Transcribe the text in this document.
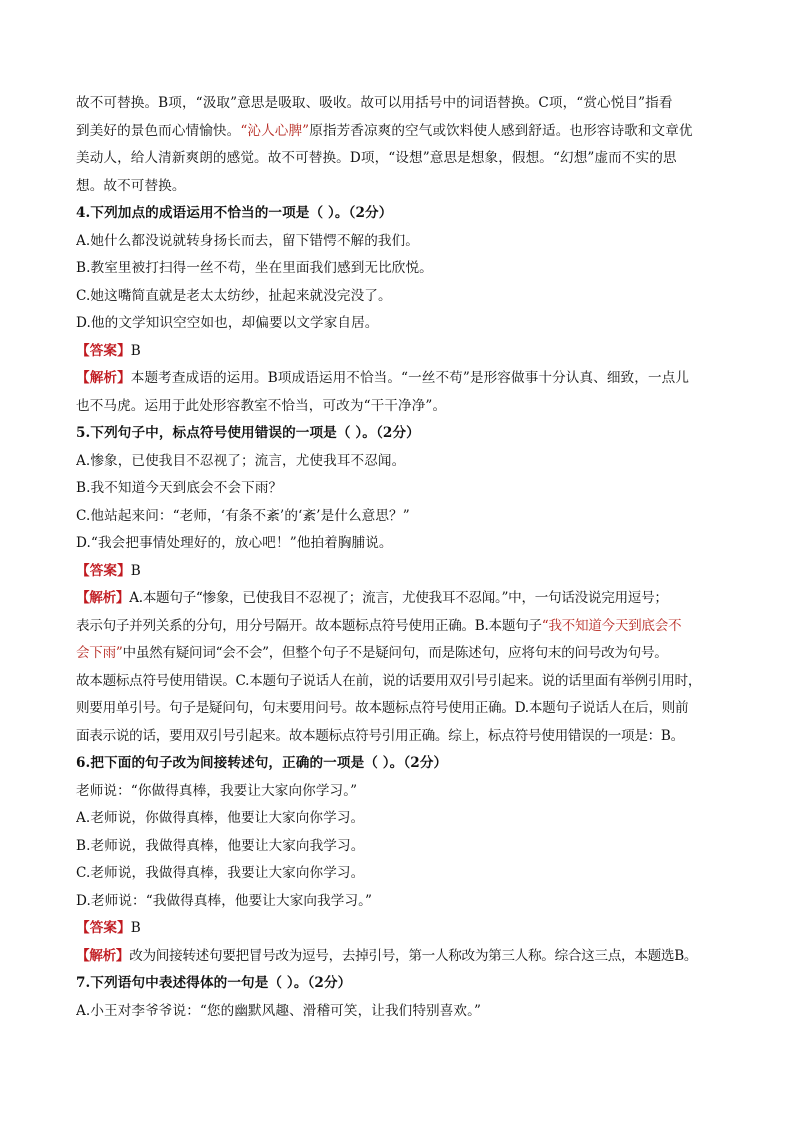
故不可替换。B项，“汲取”意思是吸取、吸收。故可以用括号中的词语替换。C项，“赏心悦目”指看
到美好的景色而心情愉快。“沁人心脾”原指芳香凉爽的空气或饮料使人感到舒适。也形容诗歌和文章优
美动人，给人清新爽朗的感觉。故不可替换。D项，“设想”意思是想象，假想。“幻想”虚而不实的思
想。故不可替换。
4.下列加点的成语运用不恰当的一项是（ ）。（2分）
A.她什么都没说就转身扬长而去，留下错愕不解的我们。
B.教室里被打扫得一丝不苟，坐在里面我们感到无比欣悦。
C.她这嘴简直就是老太太纺纱，扯起来就没完没了。
D.他的文学知识空空如也，却偏要以文学家自居。
【答案】B
【解析】本题考查成语的运用。B项成语运用不恰当。“一丝不苟”是形容做事十分认真、细致，一点儿
也不马虎。运用于此处形容教室不恰当，可改为“干干净净”。
5.下列句子中，标点符号使用错误的一项是（ ）。（2分）
A.惨象，已使我目不忍视了；流言，尤使我耳不忍闻。
B.我不知道今天到底会不会下雨？
C.他站起来问：“老师，‘有条不紊’的‘紊’是什么意思？”
D.“我会把事情处理好的，放心吧！”他拍着胸脯说。
【答案】B
【解析】A.本题句子“惨象，已使我目不忍视了；流言，尤使我耳不忍闻。”中，一句话没说完用逗号；
表示句子并列关系的分句，用分号隔开。故本题标点符号使用正确。B.本题句子“我不知道今天到底会不
会下雨”中虽然有疑问词“会不会”，但整个句子不是疑问句，而是陈述句，应将句末的问号改为句号。
故本题标点符号使用错误。C.本题句子说话人在前，说的话要用双引号引起来。说的话里面有举例引用时，
则要用单引号。句子是疑问句，句末要用问号。故本题标点符号使用正确。D.本题句子说话人在后，则前
面表示说的话，要用双引号引起来。故本题标点符号引用正确。综上，标点符号使用错误的一项是：B。
6.把下面的句子改为间接转述句，正确的一项是（ ）。（2分）
老师说：“你做得真棒，我要让大家向你学习。”
A.老师说，你做得真棒，他要让大家向你学习。
B.老师说，我做得真棒，他要让大家向我学习。
C.老师说，我做得真棒，我要让大家向你学习。
D.老师说：“我做得真棒，他要让大家向我学习。”
【答案】B
【解析】改为间接转述句要把冒号改为逗号，去掉引号，第一人称改为第三人称。综合这三点，本题选B。
7.下列语句中表述得体的一句是（ ）。（2分）
A.小王对李爷爷说：“您的幽默风趣、滑稽可笑，让我们特别喜欢。”
